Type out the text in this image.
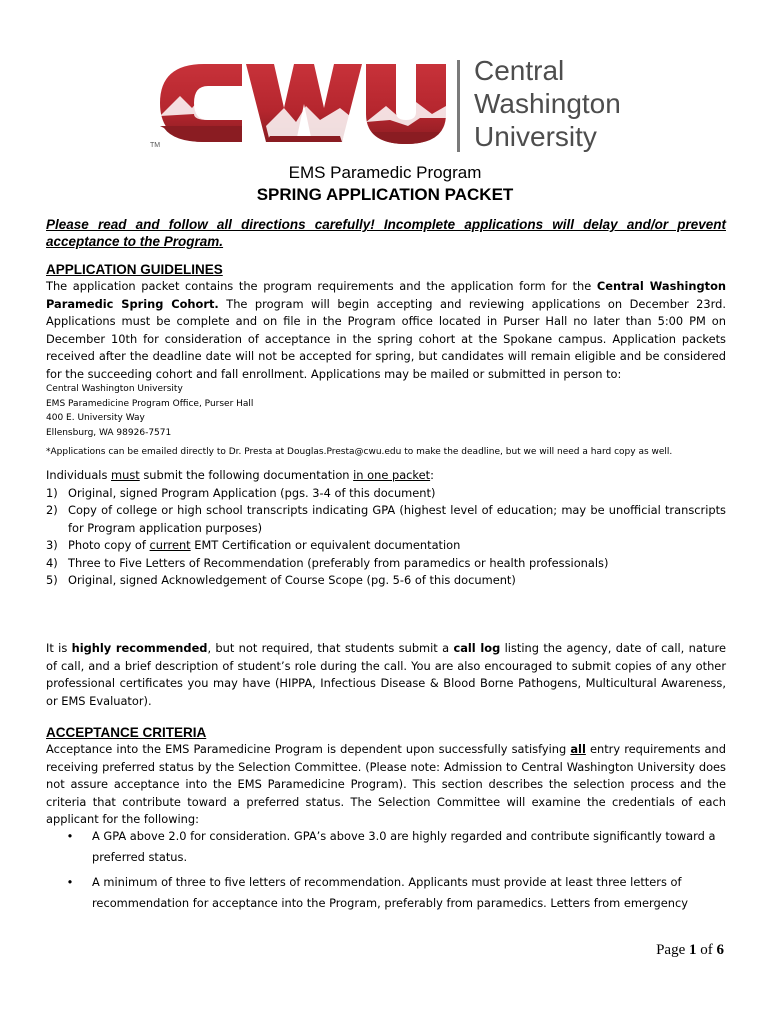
TM
Central
Washington
University
EMS Paramedic Program
SPRING APPLICATION PACKET
Please read and follow all directions carefully! Incomplete applications will delay and/or prevent acceptance to the Program.
APPLICATION GUIDELINES
The application packet contains the program requirements and the application form for the Central Washington Paramedic Spring Cohort. The program will begin accepting and reviewing applications on December 23rd. Applications must be complete and on file in the Program office located in Purser Hall no later than 5:00 PM on December 10th for consideration of acceptance in the spring cohort at the Spokane campus. Application packets received after the deadline date will not be accepted for spring, but candidates will remain eligible and be considered for the succeeding cohort and fall enrollment. Applications may be mailed or submitted in person to:
Central Washington University
EMS Paramedicine Program Office, Purser Hall
400 E. University Way
Ellensburg, WA 98926-7571
*Applications can be emailed directly to Dr. Presta at Douglas.Presta@cwu.edu to make the deadline, but we will need a hard copy as well.
Individuals must submit the following documentation in one packet:
1) Original, signed Program Application (pgs. 3-4 of this document)
2) Copy of college or high school transcripts indicating GPA (highest level of education; may be unofficial transcripts for Program application purposes)
3) Photo copy of current EMT Certification or equivalent documentation
4) Three to Five Letters of Recommendation (preferably from paramedics or health professionals)
5) Original, signed Acknowledgement of Course Scope (pg. 5-6 of this document)
It is highly recommended, but not required, that students submit a call log listing the agency, date of call, nature of call, and a brief description of student’s role during the call. You are also encouraged to submit copies of any other professional certificates you may have (HIPPA, Infectious Disease & Blood Borne Pathogens, Multicultural Awareness, or EMS Evaluator).
ACCEPTANCE CRITERIA
Acceptance into the EMS Paramedicine Program is dependent upon successfully satisfying all entry requirements and receiving preferred status by the Selection Committee. (Please note: Admission to Central Washington University does not assure acceptance into the EMS Paramedicine Program). This section describes the selection process and the criteria that contribute toward a preferred status. The Selection Committee will examine the credentials of each applicant for the following:
•	A GPA above 2.0 for consideration. GPA’s above 3.0 are highly regarded and contribute significantly toward a preferred status.
•	A minimum of three to five letters of recommendation. Applicants must provide at least three letters of recommendation for acceptance into the Program, preferably from paramedics. Letters from emergency
Page 1 of 6
